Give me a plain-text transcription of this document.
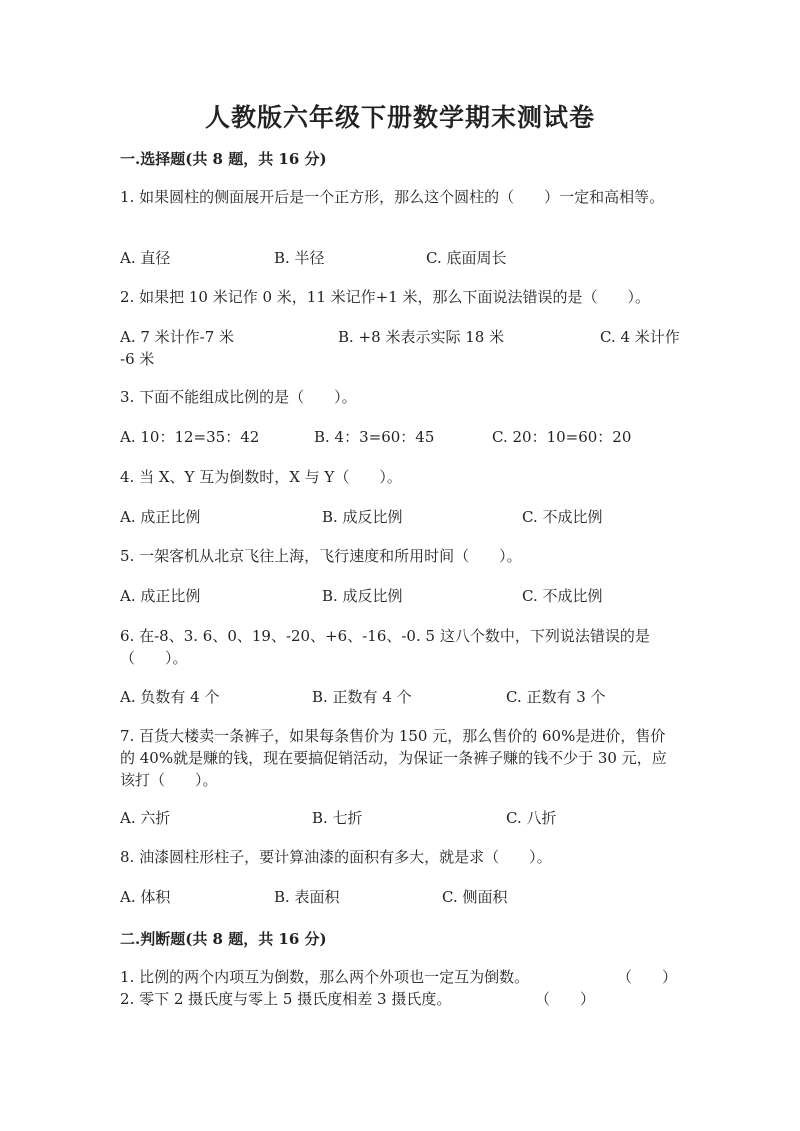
人教版六年级下册数学期末测试卷
一.选择题(共 8 题，共 16 分)
1. 如果圆柱的侧面展开后是一个正方形，那么这个圆柱的（　　）一定和高相等。
A. 直径	B. 半径	C. 底面周长
2. 如果把 10 米记作 0 米，11 米记作+1 米，那么下面说法错误的是（　　）。
A. 7 米计作-7 米	B. +8 米表示实际 18 米	C. 4 米计作 -6 米
3. 下面不能组成比例的是（　　）。
A. 10：12=35：42	B. 4：3=60：45	C. 20：10=60：20
4. 当 X、Y 互为倒数时，X 与 Y（　　）。
A. 成正比例	B. 成反比例	C. 不成比例
5. 一架客机从北京飞往上海，飞行速度和所用时间（　　）。
A. 成正比例	B. 成反比例	C. 不成比例
6. 在-8、3. 6、0、19、-20、+6、-16、-0. 5 这八个数中，下列说法错误的是（　　）。
A. 负数有 4 个	B. 正数有 4 个	C. 正数有 3 个
7. 百货大楼卖一条裤子，如果每条售价为 150 元，那么售价的 60%是进价，售价的 40%就是赚的钱，现在要搞促销活动，为保证一条裤子赚的钱不少于 30 元，应该打（　　）。
A. 六折	B. 七折	C. 八折
8. 油漆圆柱形柱子，要计算油漆的面积有多大，就是求（　　）。
A. 体积	B. 表面积	C. 侧面积
二.判断题(共 8 题，共 16 分)
1. 比例的两个内项互为倒数，那么两个外项也一定互为倒数。	（　　）
2. 零下 2 摄氏度与零上 5 摄氏度相差 3 摄氏度。	（　　）
